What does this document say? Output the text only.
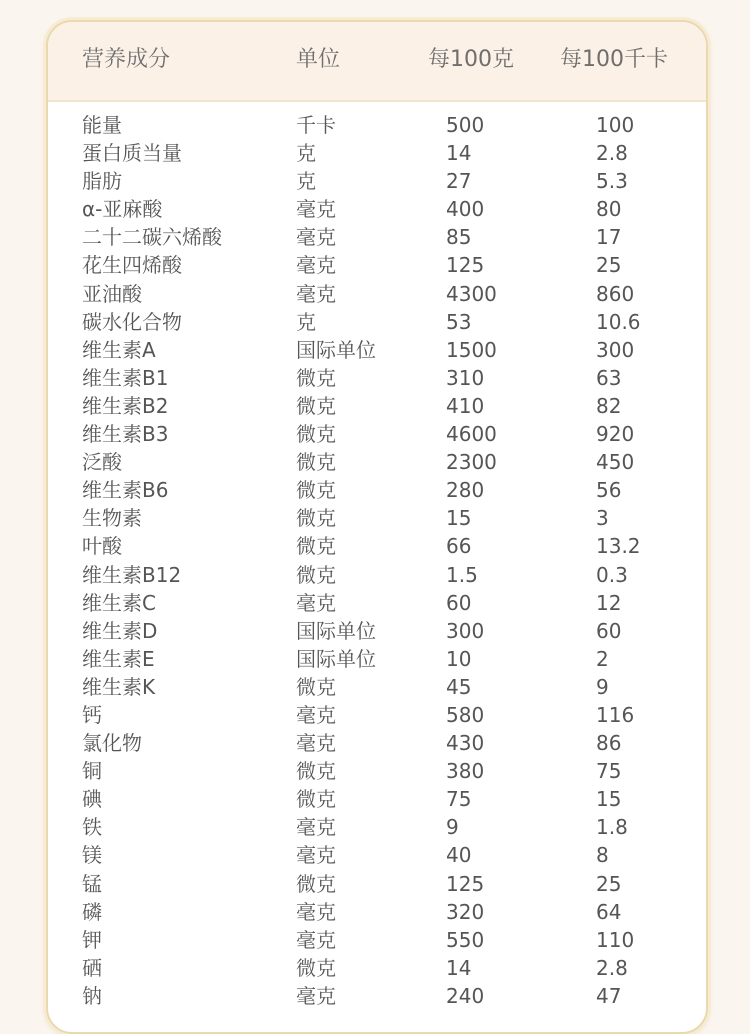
营养成分	单位	每100克 每100千卡
能量	千卡	500	100
蛋白质当量	克	14	2.8
脂肪	克	27	5.3
α-亚麻酸	毫克	400	80
二十二碳六烯酸	毫克	85	17
花生四烯酸	毫克	125	25
亚油酸	毫克	4300	860
碳水化合物	克	53	10.6
维生素A	国际单位	1500	300
维生素B1	微克	310	63
维生素B2	微克	410	82
维生素B3	微克	4600	920
泛酸	微克	2300	450
维生素B6	微克	280	56
生物素	微克	15	3
叶酸	微克	66	13.2
维生素B12	微克	1.5	0.3
维生素C	毫克	60	12
维生素D	国际单位	300	60
维生素E	国际单位	10	2
维生素K	微克	45	9
钙	毫克	580	116
氯化物	毫克	430	86
铜	微克	380	75
碘	微克	75	15
铁	毫克	9	1.8
镁	毫克	40	8
锰	微克	125	25
磷	毫克	320	64
钾	毫克	550	110
硒	微克	14	2.8
钠	毫克	240	47
